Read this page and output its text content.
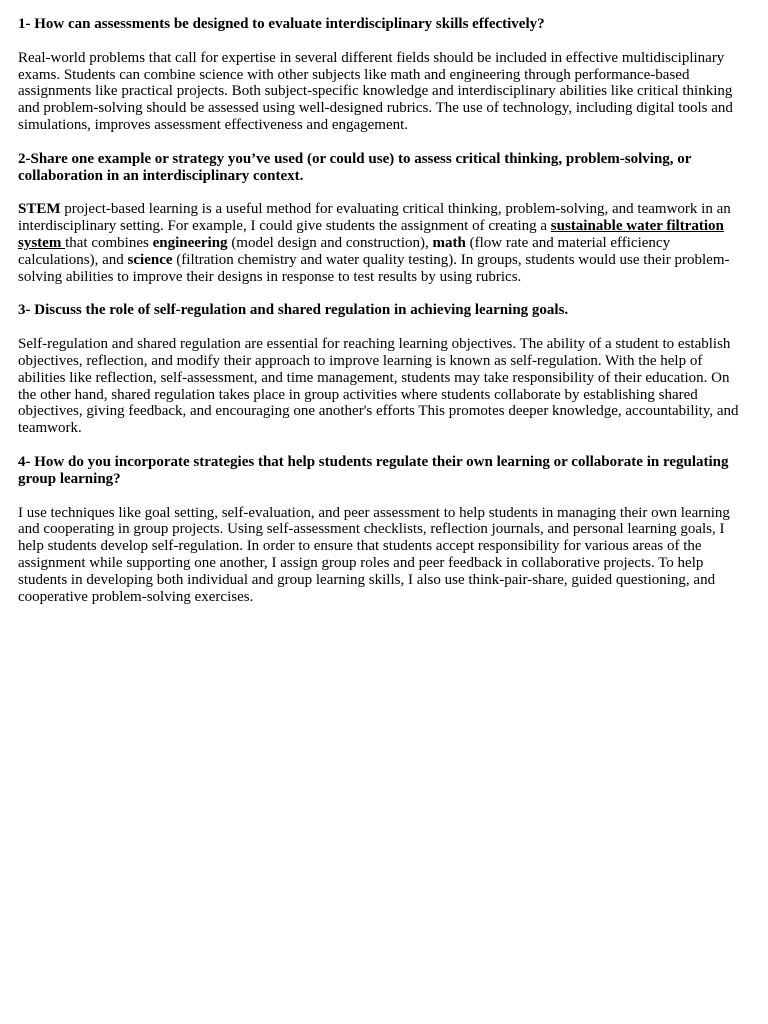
1- How can assessments be designed to evaluate interdisciplinary skills effectively?

Real-world problems that call for expertise in several different fields should be included in effective multidisciplinary exams. Students can combine science with other subjects like math and engineering through performance-based assignments like practical projects. Both subject-specific knowledge and interdisciplinary abilities like critical thinking and problem-solving should be assessed using well-designed rubrics. The use of technology, including digital tools and simulations, improves assessment effectiveness and engagement.

2-Share one example or strategy you’ve used (or could use) to assess critical thinking, problem-solving, or collaboration in an interdisciplinary context.

STEM project-based learning is a useful method for evaluating critical thinking, problem-solving, and teamwork in an interdisciplinary setting. For example, I could give students the assignment of creating a sustainable water filtration system that combines engineering (model design and construction), math (flow rate and material efficiency calculations), and science (filtration chemistry and water quality testing). In groups, students would use their problem-solving abilities to improve their designs in response to test results by using rubrics.

3- Discuss the role of self-regulation and shared regulation in achieving learning goals.

Self-regulation and shared regulation are essential for reaching learning objectives. The ability of a student to establish objectives, reflection, and modify their approach to improve learning is known as self-regulation. With the help of abilities like reflection, self-assessment, and time management, students may take responsibility of their education. On the other hand, shared regulation takes place in group activities where students collaborate by establishing shared objectives, giving feedback, and encouraging one another's efforts This promotes deeper knowledge, accountability, and teamwork.

4- How do you incorporate strategies that help students regulate their own learning or collaborate in regulating group learning?

I use techniques like goal setting, self-evaluation, and peer assessment to help students in managing their own learning and cooperating in group projects. Using self-assessment checklists, reflection journals, and personal learning goals, I help students develop self-regulation. In order to ensure that students accept responsibility for various areas of the assignment while supporting one another, I assign group roles and peer feedback in collaborative projects. To help students in developing both individual and group learning skills, I also use think-pair-share, guided questioning, and cooperative problem-solving exercises.
